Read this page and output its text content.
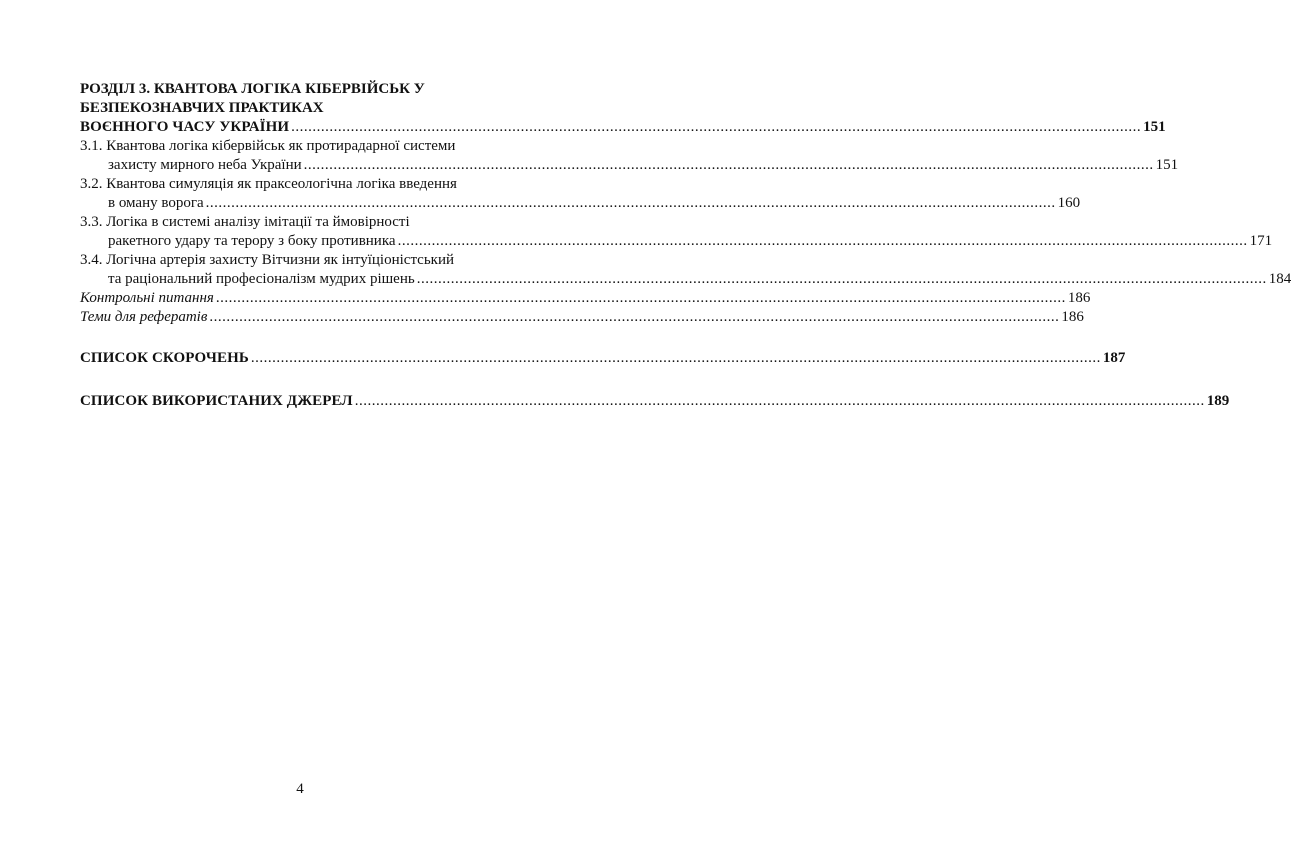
РОЗДІЛ 3. КВАНТОВА ЛОГІКА КІБЕРВІЙСЬК У
БЕЗПЕКОЗНАВЧИХ ПРАКТИКАХ
ВОЄННОГО ЧАСУ УКРАЇНИ .....	151
3.1. Квантова логіка кібервійськ як протирадарної системи
захисту мирного неба України .....	151
3.2. Квантова симуляція як праксеологічна логіка введення
в оману ворога .....	160
3.3. Логіка в системі аналізу імітації та ймовірності
ракетного удару та терору з боку противника .....	171
3.4. Логічна артерія захисту Вітчизни як інтуїціоністський
та раціональний професіоналізм мудрих рішень .....	184
Контрольні питання .....	186
Теми для рефератів .....	186
СПИСОК СКОРОЧЕНЬ .....	187
СПИСОК ВИКОРИСТАНИХ ДЖЕРЕЛ .....	189
4
